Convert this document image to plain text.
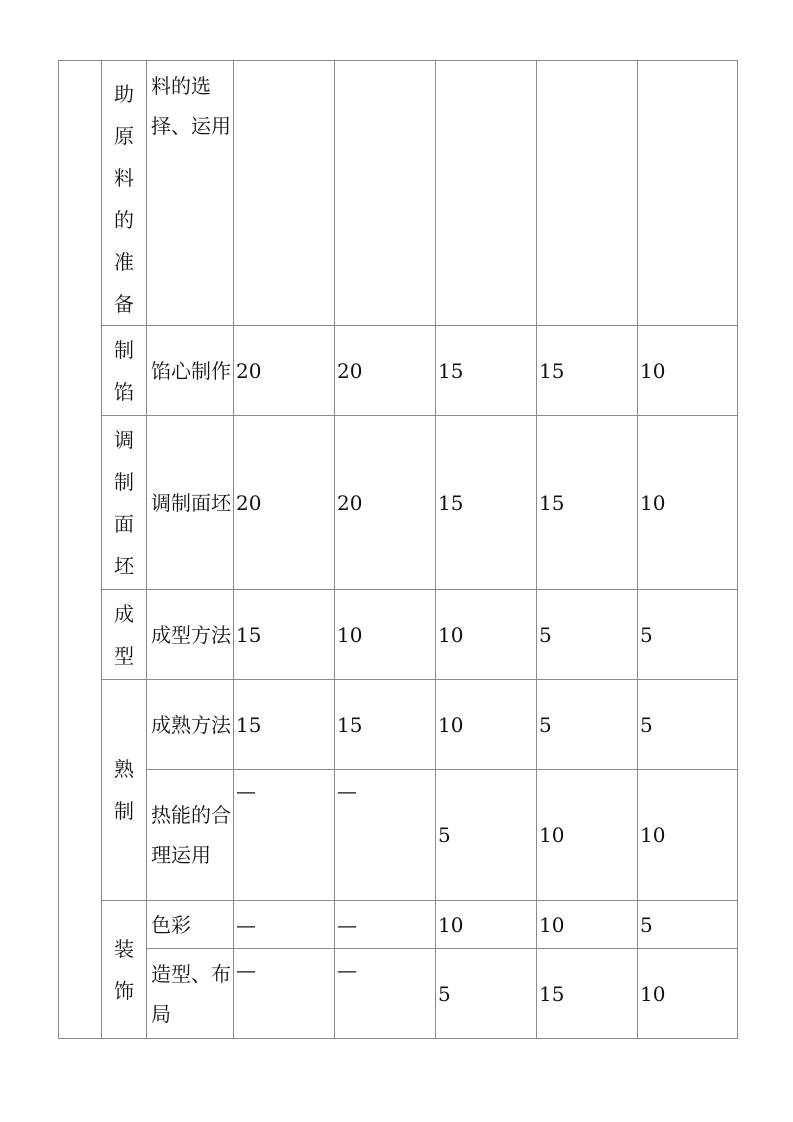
	助原料的准备	料的选择、运用					

	制馅	馅心制作	20	20	15	15	10

	调制面坯	调制面坯	20	20	15	15	10

	成型	成型方法	15	10	10	5	5

	熟制	成熟方法	15	15	10	5	5

		热能的合理运用	—	—	5	10	10

	装饰	色彩	—	—	10	10	5

		造型、布局	—	—	5	15	10
